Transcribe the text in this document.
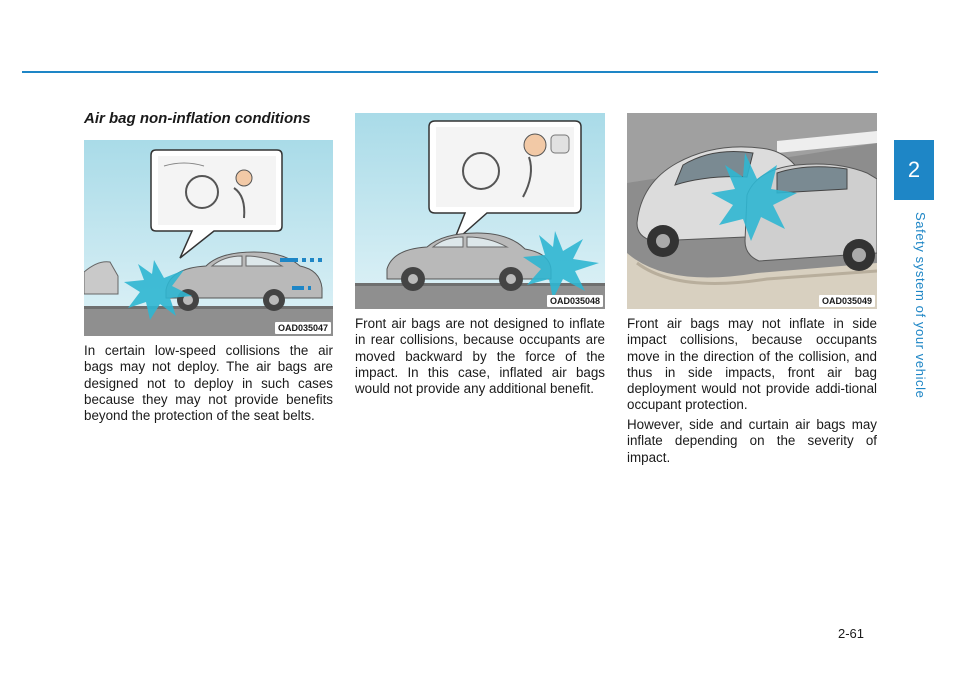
2
Safety system of your vehicle
Air bag non-inflation conditions
OAD035047
OAD035048	OAD035049

In certain low-speed collisions the air bags may not deploy. The air bags are designed not to deploy in such cases because they may not provide benefits beyond the protection of the seat belts.

Front air bags are not designed to inflate in rear collisions, because occupants are moved backward by the force of the impact. In this case, inflated air bags would not provide any additional benefit.

Front air bags may not inflate in side impact collisions, because occupants move in the direction of the collision, and thus in side impacts, front air bag deployment would not provide addi-tional occupant protection.

However, side and curtain air bags may inflate depending on the severity of impact.

2-61
